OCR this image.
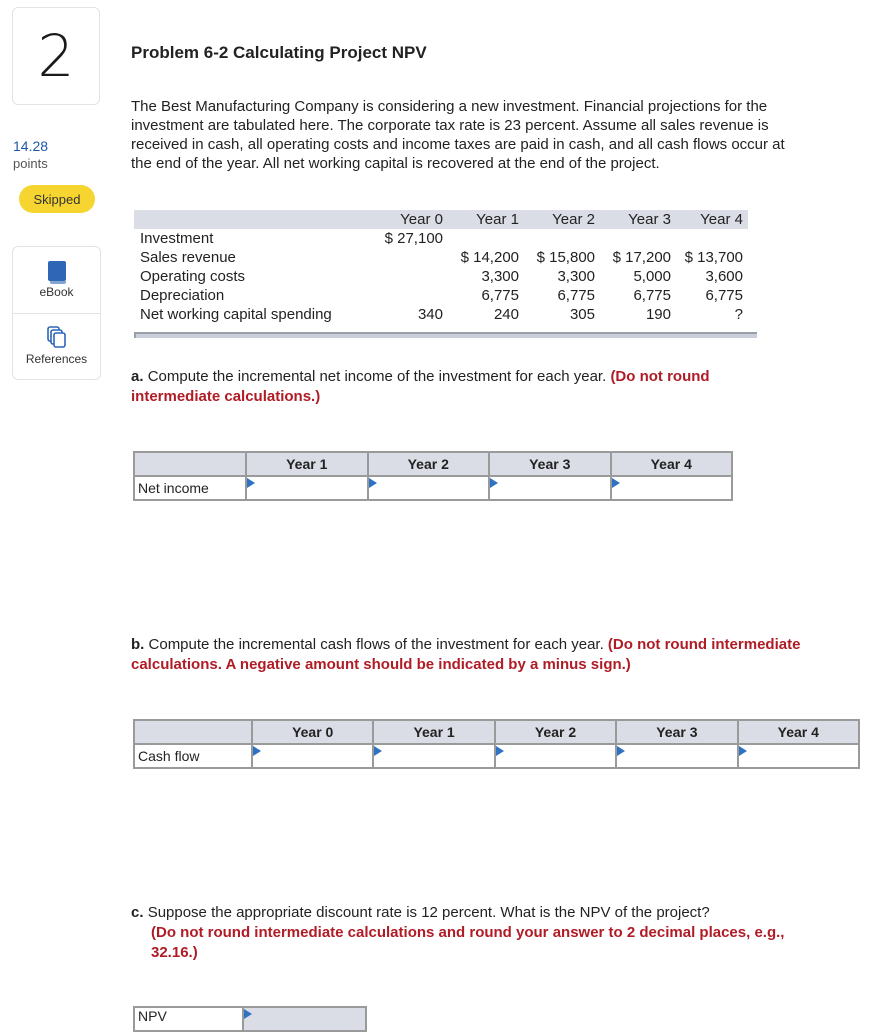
2
14.28
points
Skipped
eBook
References
Problem 6-2 Calculating Project NPV
The Best Manufacturing Company is considering a new investment. Financial projections for the investment are tabulated here. The corporate tax rate is 23 percent. Assume all sales revenue is received in cash, all operating costs and income taxes are paid in cash, and all cash flows occur at the end of the year. All net working capital is recovered at the end of the project.
	Year 0	Year 1	Year 2	Year 3	Year 4
Investment	$ 27,100				
Sales revenue		$ 14,200	$ 15,800	$ 17,200	$ 13,700
Operating costs		3,300	3,300	5,000	3,600
Depreciation		6,775	6,775	6,775	6,775
Net working capital spending	340	240	305	190	?
a. Compute the incremental net income of the investment for each year. (Do not round intermediate calculations.)
	Year 1	Year 2	Year 3	Year 4
Net income	

b. Compute the incremental cash flows of the investment for each year. (Do not round intermediate calculations. A negative amount should be indicated by a minus sign.)
	Year 0	Year 1	Year 2	Year 3	Year 4
Cash flow	

c. Suppose the appropriate discount rate is 12 percent. What is the NPV of the project?
(Do not round intermediate calculations and round your answer to 2 decimal places, e.g., 32.16.)
NPV	
